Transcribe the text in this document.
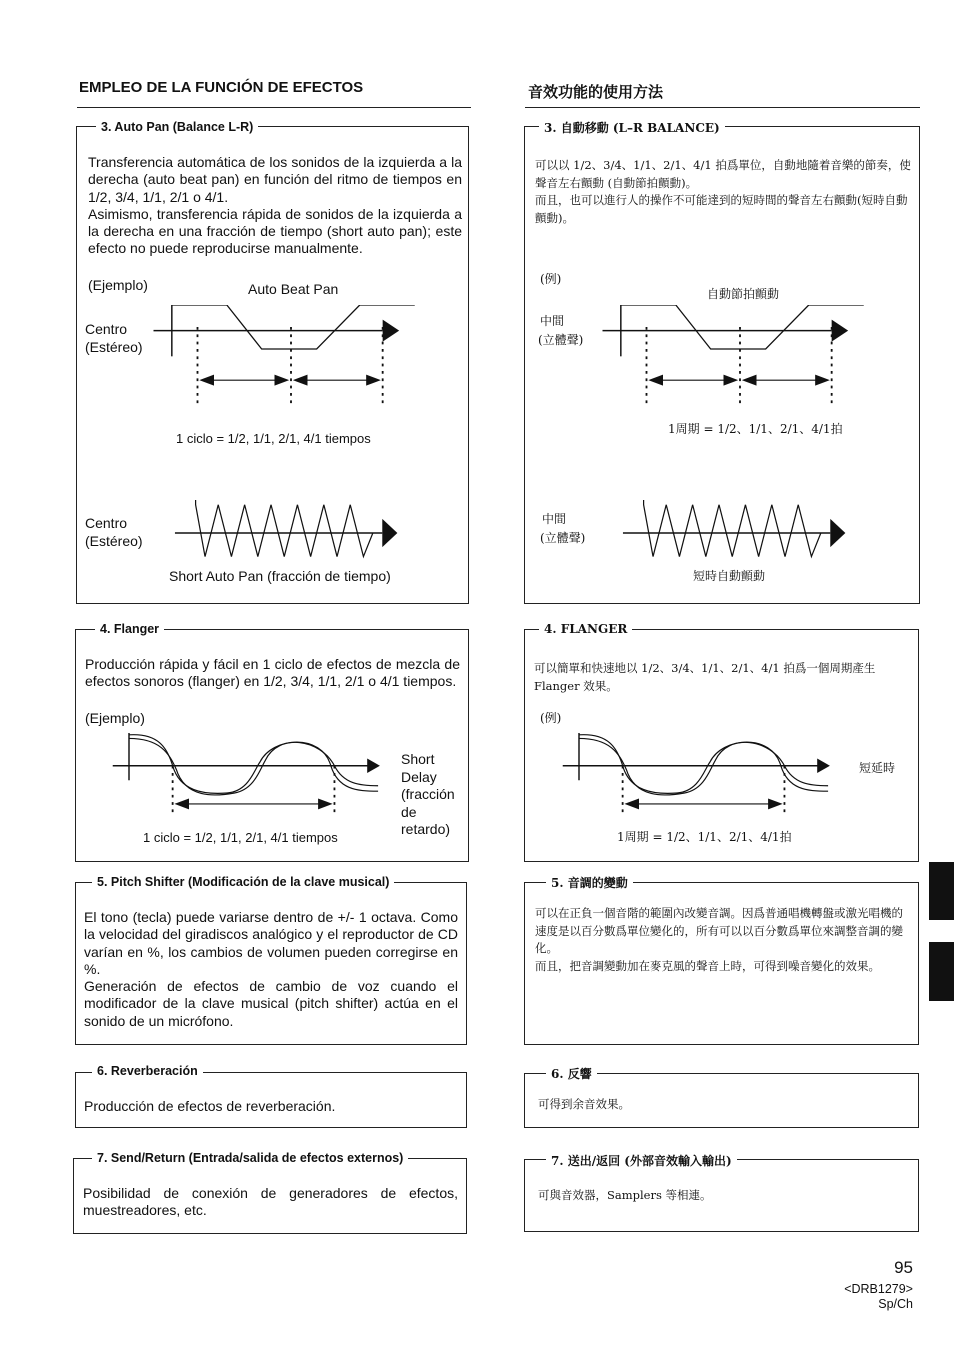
EMPLEO DE LA FUNCIÓN DE EFECTOS
3. Auto Pan (Balance L-R)

Transferencia automática de los sonidos de la izquierda a la derecha (auto beat pan) en función del ritmo de tiempos en 1/2, 3/4, 1/1, 2/1 o 4/1.

Asimismo, transferencia rápida de sonidos de la izquierda a la derecha en una fracción de tiempo (short auto pan); este efecto no puede reproducirse manualmente.

(Ejemplo)	Auto Beat Pan
Centro
(Estéreo)
1 ciclo = 1/2, 1/1, 2/1, 4/1 tiempos
Centro
(Estéreo)
Short Auto Pan (fracción de tiempo)
4. Flanger
Producción rápida y fácil en 1 ciclo de efectos de mezcla de efectos sonoros (flanger) en 1/2, 3/4, 1/1, 2/1 o 4/1 tiempos.
(Ejemplo)
Short
Delay
(fracción
de
retardo)
1 ciclo = 1/2, 1/1, 2/1, 4/1 tiempos
5. Pitch Shifter (Modificación de la clave musical)

El tono (tecla) puede variarse dentro de +/- 1 octava. Como la velocidad del giradiscos analógico y el reproductor de CD varían en %, los cambios de volumen pueden corregirse en %.

Generación de efectos de cambio de voz cuando el modificador de la clave musical (pitch shifter) actúa en el sonido de un micrófono.

6. Reverberación
Producción de efectos de reverberación.
7. Send/Return (Entrada/salida de efectos externos)
Posibilidad de conexión de generadores de efectos, muestreadores, etc.
音效功能的使用方法
3. 自動移動 (L–R BALANCE)

可以以 1/2、3/4、1/1、2/1、4/1 拍爲單位，自動地隨着音樂的節奏，使聲音左右顫動 (自動節拍顫動)。

而且，也可以進行人的操作不可能達到的短時間的聲音左右顫動(短時自動顫動)。

(例)
自動節拍顫動
中間
(立體聲)
1周期 = 1/2、1/1、2/1、4/1拍
中間
(立體聲)
短時自動顫動
4. FLANGER
可以簡單和快速地以 1/2、3/4、1/1、2/1、4/1 拍爲一個周期產生 Flanger 效果。
(例)
短延時
1周期 = 1/2、1/1、2/1、4/1拍
5. 音調的變動

可以在正負一個音階的範圍內改變音調。因爲普通唱機轉盤或激光唱機的速度是以百分數爲單位變化的，所有可以以百分數爲單位來調整音調的變化。

而且，把音調變動加在麥克風的聲音上時，可得到噪音變化的效果。

6. 反響
可得到余音效果。
7. 送出/返回 (外部音效輸入輸出)
可與音效器，Samplers 等相連。
95
<DRB1279>
Sp/Ch
